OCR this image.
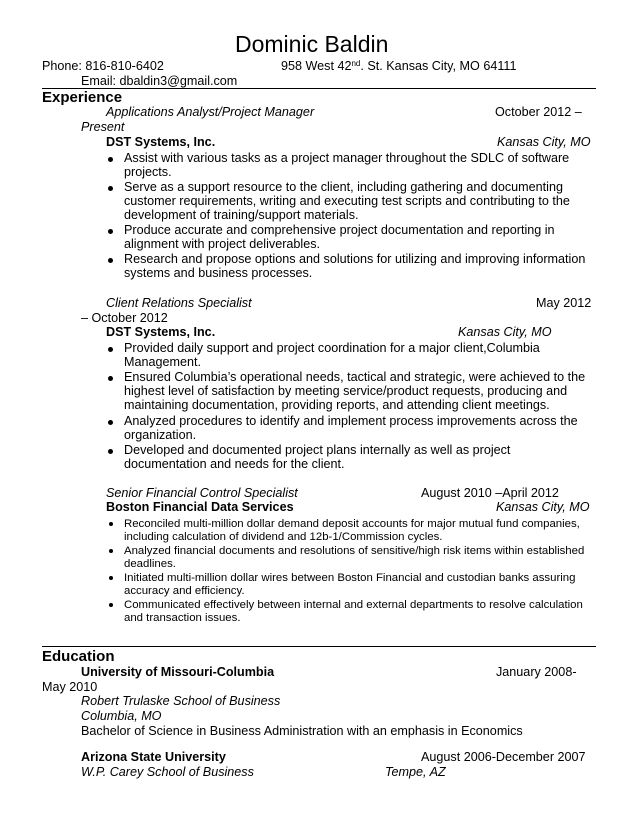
Dominic Baldin
Phone: 816-810-6402	958 West 42nd. St. Kansas City, MO 64111
Email: dbaldin3@gmail.com
Experience
Applications Analyst/Project Manager	October 2012 –
Present
DST Systems, Inc.	Kansas City, MO
Assist with various tasks as a project manager throughout the SDLC of software
projects.
Serve as a support resource to the client, including gathering and documenting
customer requirements, writing and executing test scripts and contributing to the
development of training/support materials.
Produce accurate and comprehensive project documentation and reporting in
alignment with project deliverables.
Research and propose options and solutions for utilizing and improving information
systems and business processes.
Client Relations Specialist	May 2012
– October 2012
DST Systems, Inc.	Kansas City, MO
Provided daily support and project coordination for a major client,Columbia
Management.
Ensured Columbia’s operational needs, tactical and strategic, were achieved to the
highest level of satisfaction by meeting service/product requests, producing and
maintaining documentation, providing reports, and attending client meetings.
Analyzed procedures to identify and implement process improvements across the
organization.
Developed and documented project plans internally as well as project
documentation and needs for the client.
Senior Financial Control Specialist	August 2010 –April 2012
Boston Financial Data Services	Kansas City, MO
Reconciled multi-million dollar demand deposit accounts for major mutual fund companies,
including calculation of dividend and 12b-1/Commission cycles.
Analyzed financial documents and resolutions of sensitive/high risk items within established
deadlines.
Initiated multi-million dollar wires between Boston Financial and custodian banks assuring
accuracy and efficiency.
Communicated effectively between internal and external departments to resolve calculation
and transaction issues.
Education
University of Missouri-Columbia	January 2008-
May 2010
Robert Trulaske School of Business
Columbia, MO
Bachelor of Science in Business Administration with an emphasis in Economics
Arizona State University	August 2006-December 2007
W.P. Carey School of Business	Tempe, AZ
